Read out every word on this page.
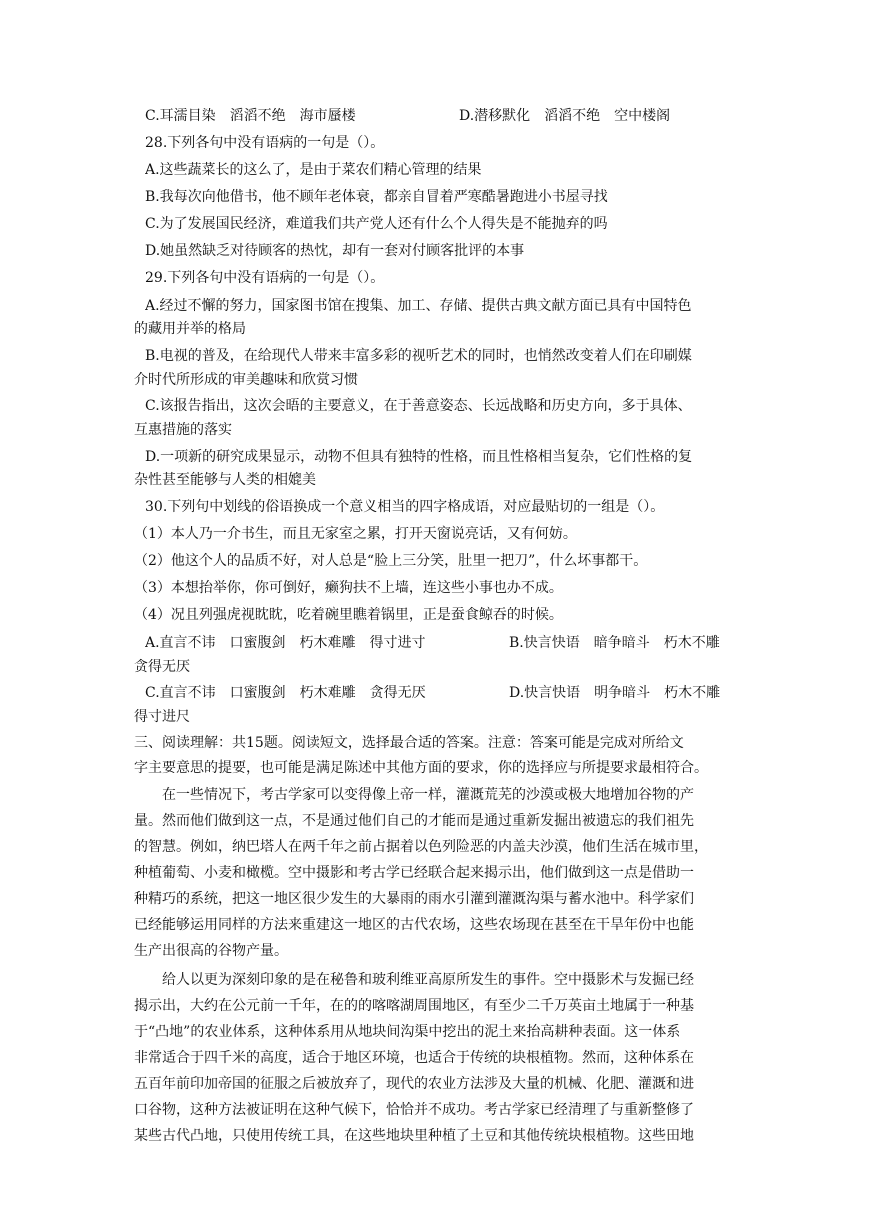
C.耳濡目染　滔滔不绝　海市蜃楼	D.潜移默化　滔滔不绝　空中楼阁
28.下列各句中没有语病的一句是（）。
A.这些蔬菜长的这么了，是由于菜农们精心管理的结果
B.我每次向他借书，他不顾年老体衰，都亲自冒着严寒酷暑跑进小书屋寻找
C.为了发展国民经济，难道我们共产党人还有什么个人得失是不能抛弃的吗
D.她虽然缺乏对待顾客的热忱，却有一套对付顾客批评的本事
29.下列各句中没有语病的一句是（）。
A.经过不懈的努力，国家图书馆在搜集、加工、存储、提供古典文献方面已具有中国特色
的藏用并举的格局
B.电视的普及，在给现代人带来丰富多彩的视听艺术的同时，也悄然改变着人们在印刷媒
介时代所形成的审美趣味和欣赏习惯
C.该报告指出，这次会晤的主要意义，在于善意姿态、长远战略和历史方向，多于具体、
互惠措施的落实
D.一项新的研究成果显示，动物不但具有独特的性格，而且性格相当复杂，它们性格的复
杂性甚至能够与人类的相媲美
30.下列句中划线的俗语换成一个意义相当的四字格成语，对应最贴切的一组是（）。
（1）本人乃一介书生，而且无家室之累，打开天窗说亮话，又有何妨。
（2）他这个人的品质不好，对人总是“脸上三分笑，肚里一把刀”，什么坏事都干。
（3）本想抬举你，你可倒好，癞狗扶不上墙，连这些小事也办不成。
（4）况且列强虎视眈眈，吃着碗里瞧着锅里，正是蚕食鲸吞的时候。
A.直言不讳　口蜜腹剑　朽木难雕　得寸进寸	B.快言快语　暗争暗斗　朽木不雕
贪得无厌
C.直言不讳　口蜜腹剑　朽木难雕　贪得无厌	D.快言快语　明争暗斗　朽木不雕
得寸进尺
三、阅读理解：共15题。阅读短文，选择最合适的答案。注意：答案可能是完成对所给文
字主要意思的提要，也可能是满足陈述中其他方面的要求，你的选择应与所提要求最相符合。
在一些情况下，考古学家可以变得像上帝一样，灌溉荒芜的沙漠或极大地增加谷物的产
量。然而他们做到这一点，不是通过他们自己的才能而是通过重新发掘出被遗忘的我们祖先
的智慧。例如，纳巴塔人在两千年之前占据着以色列险恶的内盖夫沙漠，他们生活在城市里，
种植葡萄、小麦和橄榄。空中摄影和考古学已经联合起来揭示出，他们做到这一点是借助一
种精巧的系统，把这一地区很少发生的大暴雨的雨水引灌到灌溉沟渠与蓄水池中。科学家们
已经能够运用同样的方法来重建这一地区的古代农场，这些农场现在甚至在干旱年份中也能
生产出很高的谷物产量。
给人以更为深刻印象的是在秘鲁和玻利维亚高原所发生的事件。空中摄影术与发掘已经
揭示出，大约在公元前一千年，在的的喀喀湖周围地区，有至少二千万英亩土地属于一种基
于“凸地”的农业体系，这种体系用从地块间沟渠中挖出的泥土来抬高耕种表面。这一体系
非常适合于四千米的高度，适合于地区环境，也适合于传统的块根植物。然而，这种体系在
五百年前印加帝国的征服之后被放弃了，现代的农业方法涉及大量的机械、化肥、灌溉和进
口谷物，这种方法被证明在这种气候下，恰恰并不成功。考古学家已经清理了与重新整修了
某些古代凸地，只使用传统工具，在这些地块里种植了土豆和其他传统块根植物。这些田地
